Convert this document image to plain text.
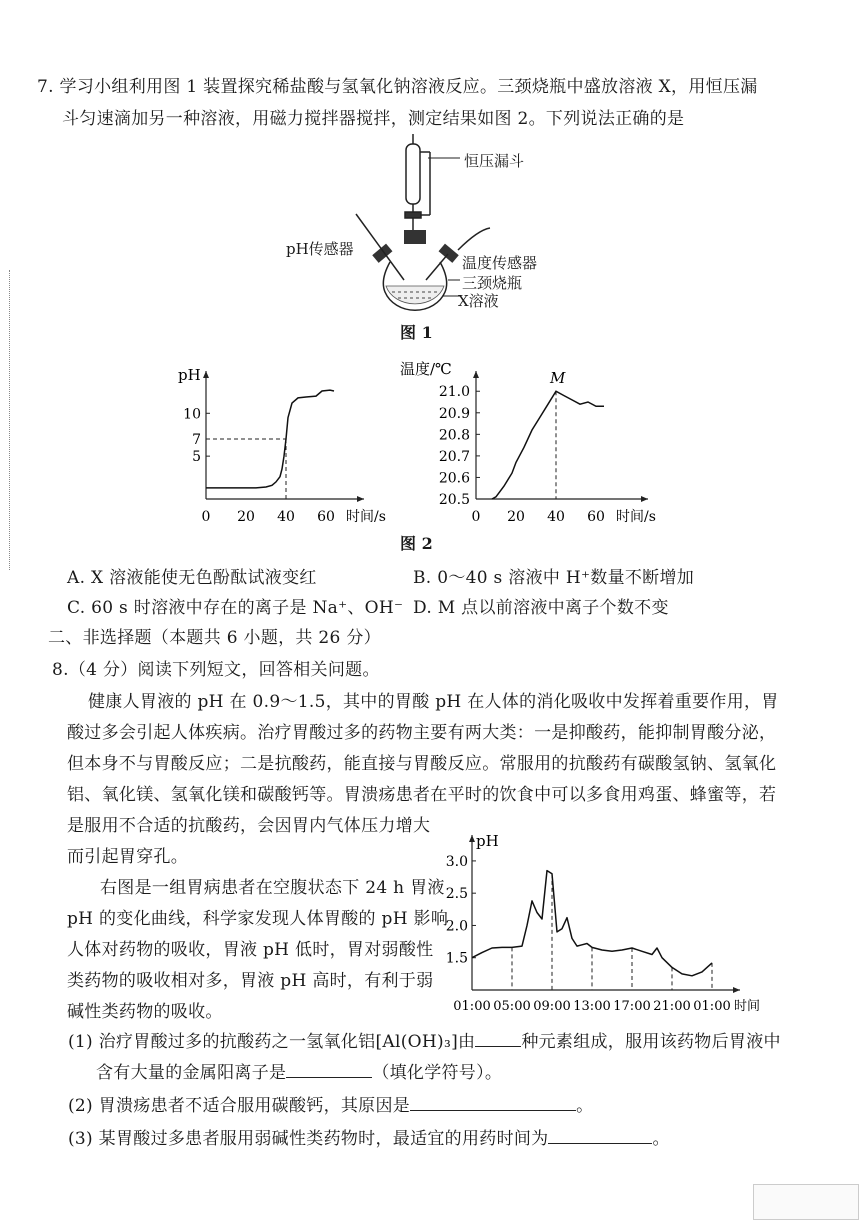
7. 学习小组利用图 1 装置探究稀盐酸与氢氧化钠溶液反应。三颈烧瓶中盛放溶液 X，用恒压漏
斗匀速滴加另一种溶液，用磁力搅拌器搅拌，测定结果如图 2。下列说法正确的是
恒压漏斗
pH传感器
温度传感器
三颈烧瓶
X溶液
图 1
pH
时间/s
0 20 40 60
5
7
10
温度/℃
时间/s
0 20 40 60
20.5
20.6
20.7
20.8
20.9
21.0
M
图 2
A. X 溶液能使无色酚酞试液变红	B. 0～40 s 溶液中 H⁺数量不断增加
C. 60 s 时溶液中存在的离子是 Na⁺、OH⁻ D. M 点以前溶液中离子个数不变
二、非选择题（本题共 6 小题，共 26 分）
8.（4 分）阅读下列短文，回答相关问题。
健康人胃液的 pH 在 0.9～1.5，其中的胃酸 pH 在人体的消化吸收中发挥着重要作用，胃
酸过多会引起人体疾病。治疗胃酸过多的药物主要有两大类：一是抑酸药，能抑制胃酸分泌，
但本身不与胃酸反应；二是抗酸药，能直接与胃酸反应。常服用的抗酸药有碳酸氢钠、氢氧化
铝、氧化镁、氢氧化镁和碳酸钙等。胃溃疡患者在平时的饮食中可以多食用鸡蛋、蜂蜜等，若
是服用不合适的抗酸药，会因胃内气体压力增大
而引起胃穿孔。
右图是一组胃病患者在空腹状态下 24 h 胃液
pH 的变化曲线，科学家发现人体胃酸的 pH 影响
人体对药物的吸收，胃液 pH 低时，胃对弱酸性
类药物的吸收相对多，胃液 pH 高时，有利于弱
碱性类药物的吸收。
pH
时间
01:00 05:00 09:00 13:00 17:00 21:00 01:00
1.5
2.0
2.5
3.0
(1) 治疗胃酸过多的抗酸药之一氢氧化铝[Al(OH)₃]由	种元素组成，服用该药物后胃液中
含有大量的金属阳离子是	（填化学符号）。
(2) 胃溃疡患者不适合服用碳酸钙，其原因是	。
(3) 某胃酸过多患者服用弱碱性类药物时，最适宜的用药时间为	。
